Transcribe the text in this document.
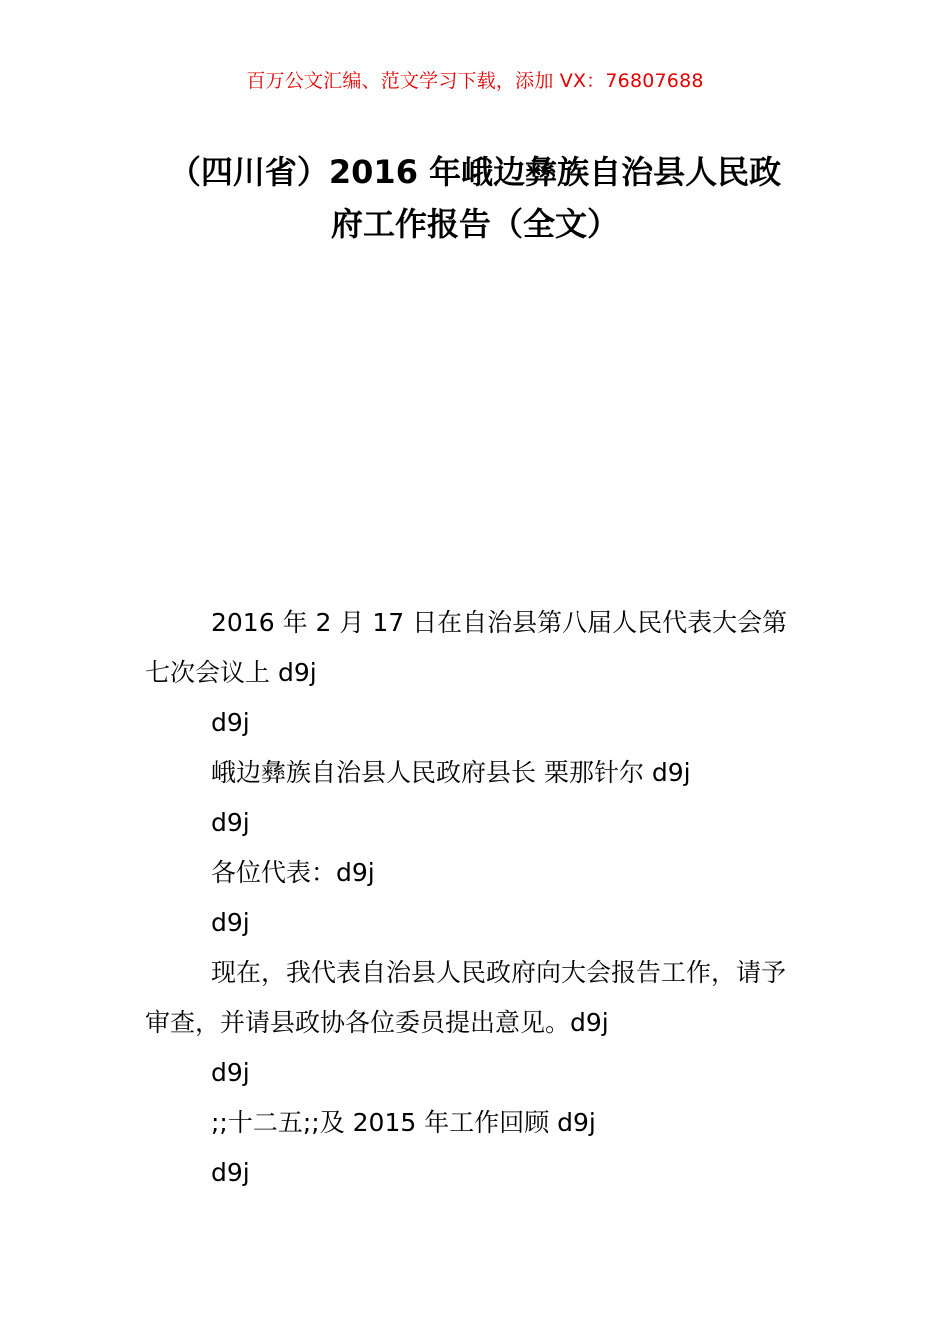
百万公文汇编、范文学习下载，添加 VX：76807688
（四川省）2016 年峨边彝族自治县人民政
府工作报告（全文）

2016 年 2 月 17 日在自治县第八届人民代表大会第七次会议上 d9j

d9j

峨边彝族自治县人民政府县长 栗那针尔 d9j

d9j

各位代表：d9j

d9j

现在，我代表自治县人民政府向大会报告工作，请予审查，并请县政协各位委员提出意见。d9j

d9j

;;十二五;;及 2015 年工作回顾 d9j

d9j
